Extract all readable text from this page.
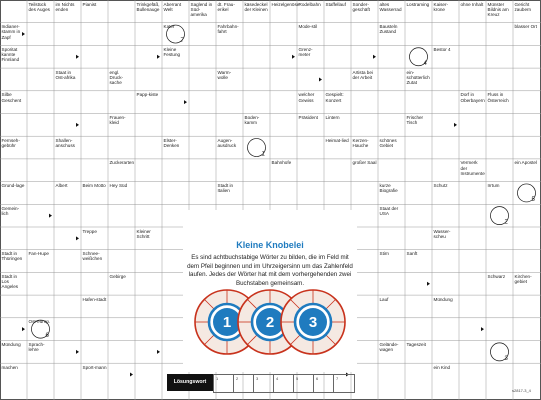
1
2
3
4
5
6
7
Teilstück des Auges
im Nichts enden
Pianist	Trinkgefäß, Bullenauge
Aberrant Welt
Saglend in Süd-amerika
dt. Frau-erikel
käsedeckel der Kleinen
Heizelgenöse Rodelbahn	Staffellauf	Sonder-geschäft
altes Wasserrad
Lostraming Kaiser-krone
ohne Inhalt Münster Bildnis am Kreuz
Gericht zaubern
Indianer-stamm in Zapf
Kater	Fahrbahn-fahrt
Mode-stil	Bausteln Zustand
blasser Ort
Sporitat kannte Finnland
Kleine Festung
Grenz-meter
Bestor 4
Staat in Ost-afrika
engl. Druck-sache
Warm-wolle
Artista bei der Arbeit
ein-schütterlich Zutat
Silbe Geschent
Papp-kiste	welcher Gewiss
Gespielt: Konzert
Dorf in Oberbayern
Fluss in Österreich
Frauen-kleid
Boden-kamm
Präsident	Lintern	Frischer Tisch
Fernseh-gebühr
Shallen-anschuss
Elster-Denken
Augen-ausdruck
Heimat-lied Kerzen-Hauche
schönes Gebiet
Zuckerarten	Bahnhofe	großer Saal	Vermerk der Instrumente
ein Apostel
Grund-lage	Albert	Beim Motto Hey Süd	Stadt in Italien
kurze Biografie
Schutz	Irrtum
Gemein-lich
Staat der USA
Treppe	Kleiner Schritt
Wasser-scheu
Stadt in Thüringen
Fan-Hupe	Schnee-weißchen
Stirn	Sanft
Stadt in Los Angeles
Gebirge	Schwarz	Kirchen-gebiet
Hafen-stadt	Lauf	Mündung
Ost-europ.
Mündung	Sprach-lehre
Gelände-wagen
Tageszeit
machen	Sport-mann	ein Kind
Kleine Knobelei
Es sind achtbuchstabige Wörter zu bilden, die im Feld mit dem Pfeil beginnen und im Uhrzeigersinn um das Zahlenfeld laufen. Jedes der Wörter hat mit dem vorhergehenden zwei Buchstaben gemeinsam.
1 2 3
Lösungswort
1	2	3	4	5	6	7
s2817-3_4
